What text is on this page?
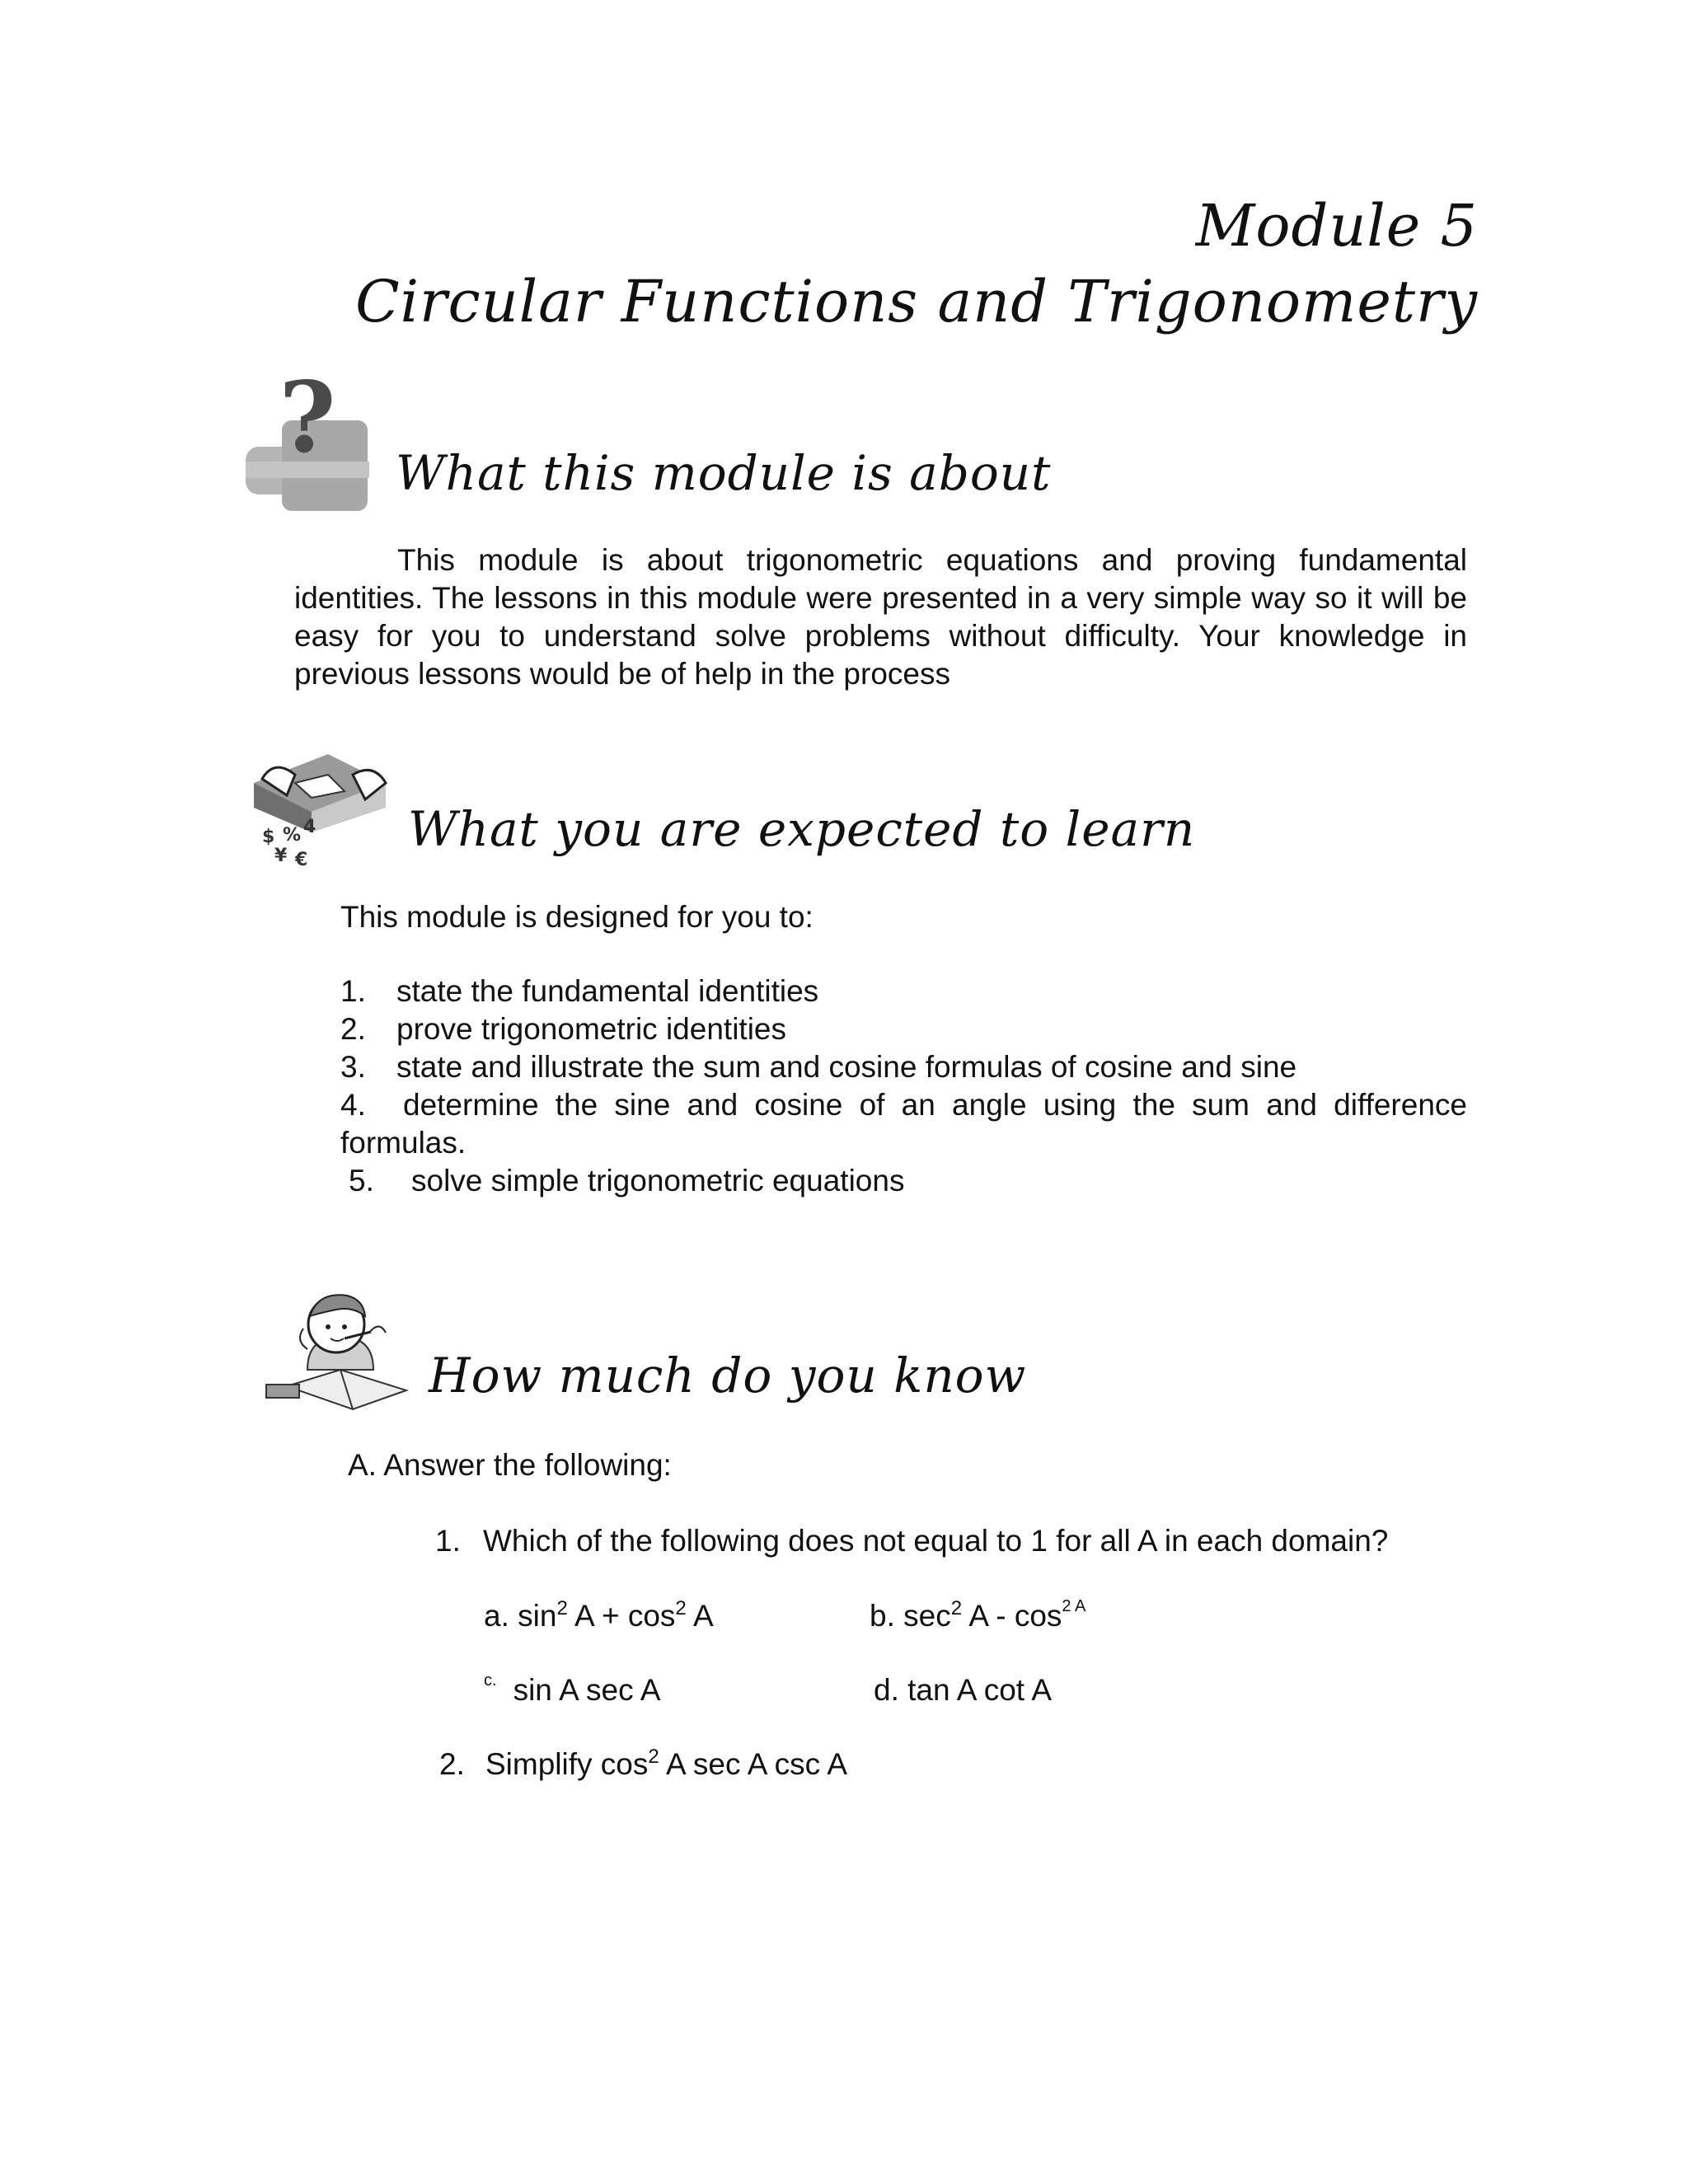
Module 5
Circular Functions and Trigonometry
? What this module is about
This module is about trigonometric equations and proving fundamental identities. The lessons in this module were presented in a very simple way so it will be easy for you to understand solve problems without difficulty. Your knowledge in previous lessons would be of help in the process
$ %
¥ €
4 What you are expected to learn
This module is designed for you to:
1. state the fundamental identities
2. prove trigonometric identities
3. state and illustrate the sum and cosine formulas of cosine and sine
4. determine the sine and cosine of an angle using the sum and difference formulas.
5. solve simple trigonometric equations
How much do you know
A. Answer the following:
1. Which of the following does not equal to 1 for all A in each domain?
a. $\sin^2 A + \cos^2 A$	b. $\sec^2 A - \cos^{2 A}$
$^{c.}$ sin A sec A	d. tan A cot A
2. Simplify $\cos^2 A$ sec A csc A
